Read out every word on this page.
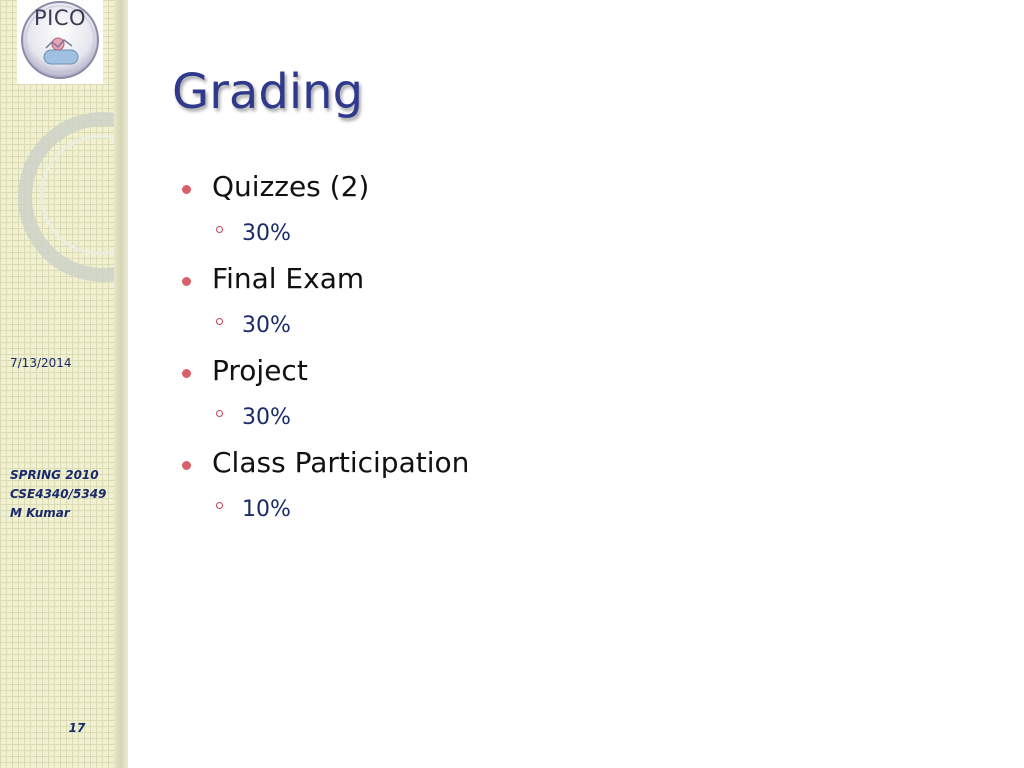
PICO
7/13/2014
SPRING 2010
CSE4340/5349
M Kumar
17
Grading
Quizzes (2)
30%
Final Exam
30%
Project
30%
Class Participation
10%
